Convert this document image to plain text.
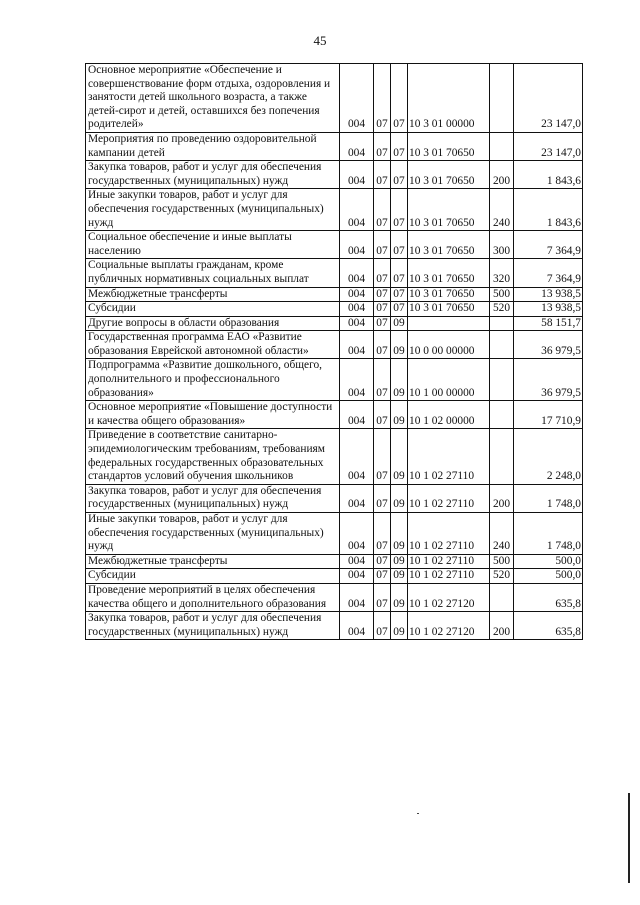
45
Основное мероприятие «Обеспечение и совершенствование форм отдыха, оздоровления и занятости детей школьного возраста, а также детей-сирот и детей, оставшихся без попечения родителей»	004	07	07	10 3 01 00000		23 147,0
Мероприятия по проведению оздоровительной кампании детей	004	07	07	10 3 01 70650		23 147,0
Закупка товаров, работ и услуг для обеспечения государственных (муниципальных) нужд	004	07	07	10 3 01 70650	200	1 843,6
Иные закупки товаров, работ и услуг для обеспечения государственных (муниципальных) нужд	004	07	07	10 3 01 70650	240	1 843,6
Социальное обеспечение и иные выплаты населению	004	07	07	10 3 01 70650	300	7 364,9
Социальные выплаты гражданам, кроме публичных нормативных социальных выплат	004	07	07	10 3 01 70650	320	7 364,9
Межбюджетные трансферты	004	07	07	10 3 01 70650	500	13 938,5
Субсидии	004	07	07	10 3 01 70650	520	13 938,5
Другие вопросы в области образования	004	07	09			58 151,7
Государственная программа ЕАО «Развитие образования Еврейской автономной области»	004	07	09	10 0 00 00000		36 979,5
Подпрограмма «Развитие дошкольного, общего, дополнительного и профессионального образования»	004	07	09	10 1 00 00000		36 979,5
Основное мероприятие «Повышение доступности и качества общего образования»	004	07	09	10 1 02 00000		17 710,9
Приведение в соответствие санитарно-эпидемиологическим требованиям, требованиям федеральных государственных образовательных стандартов условий обучения школьников	004	07	09	10 1 02 27110		2 248,0
Закупка товаров, работ и услуг для обеспечения государственных (муниципальных) нужд	004	07	09	10 1 02 27110	200	1 748,0
Иные закупки товаров, работ и услуг для обеспечения государственных (муниципальных) нужд	004	07	09	10 1 02 27110	240	1 748,0
Межбюджетные трансферты	004	07	09	10 1 02 27110	500	500,0
Субсидии	004	07	09	10 1 02 27110	520	500,0
Проведение мероприятий в целях обеспечения качества общего и дополнительного образования	004	07	09	10 1 02 27120		635,8
Закупка товаров, работ и услуг для обеспечения государственных (муниципальных) нужд	004	07	09	10 1 02 27120	200	635,8
